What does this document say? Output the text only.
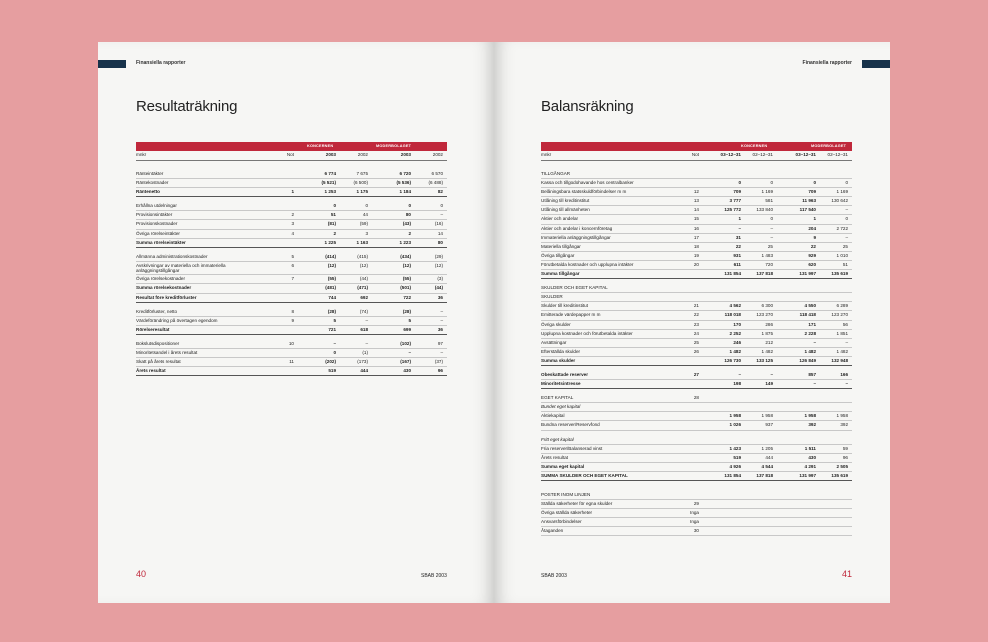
Finansiella rapporter
Resultaträkning
KONCERNEN	MODERBOLAGET
mnkr	Not	2003	2002	2003	2002
Ränteintäkter	6 774	7 675	6 720	6 570
Räntekostnader	(5 521)	(6 500)	(5 536)	(6 488)
Räntenetto	1	1 253	1 175	1 184	82
Erhållna utdelningar	0	0	0	0
Provisionsintäkter	2	51	44	80	–
Provisionskostnader	3	(81)	(59)	(43)	(16)
Övriga rörelseintäkter	4	2	3	2	14
Summa rörelseintäkter	1 225	1 163	1 223	80
Allmänna administrationskostnader	5	(414)	(415)	(434)	(29)
Avskrivningar av materiella och immateriella anläggningstillgångar
6	(12)	(12)	(12)	(12)
Övriga rörelsekostnader	7	(55)	(44)	(55)	(3)
Summa rörelsekostnader	(481)	(471)	(501)	(44)
Resultat före kreditförluster	744	692	722	36
Kreditförluster, netto	8	(28)	(74)	(28)	–
Värdeförändring på övertagen egendom	9	5	–	5	–
Rörelseresultat	721	618	699	36
Bokslutsdispositioner	10	–	–	(102)	97
Minoritetsandel i årets resultat	0	(1)	–	–
Skatt på årets resultat	11	(202)	(173)	(167)	(37)
Årets resultat	519	444	430	96
40	SBAB 2003
Finansiella rapporter
Balansräkning
KONCERNEN	MODERBOLAGET
mnkr	Not	03–12–31	02–12–31	03–12–31	02–12–31
TILLGÅNGAR
Kassa och tillgodohavande hos centralbanker	0	0	0	0
Belåningsbara statsskuldförbindelser m m	12	709	1 169	709	1 169
Utlåning till kreditinstitut	13	3 777	581	11 963	130 642
Utlåning till allmänheten	14	125 772	133 840	117 540	–
Aktier och andelar	15	1	0	1	0
Aktier och andelar i koncernföretag	16	–	–	204	2 722
Immateriella anläggningstillgångar	17	31	–	9	–
Materiella tillgångar	18	22	25	22	25
Övriga tillgångar	19	931	1 483	929	1 010
Förutbetalda kostnader och upplupna intäkter	20	611	720	620	51
Summa tillgångar	131 854	137 818	131 997	135 619
SKULDER OCH EGET KAPITAL
SKULDER
Skulder till kreditinstitut	21	4 562	6 300	4 550	6 289
Emitterade värdepapper m m	22	118 018	123 270	118 418	123 270
Övriga skulder	23	170	286	171	56
Upplupna kostnader och förutbetalda intäkter	24	2 252	1 875	2 228	1 851
Avsättningar	25	246	212	–	–
Efterställda skulder	26	1 482	1 482	1 482	1 482
Summa skulder	126 730	133 125	126 849	132 948
Obeskattade reserver	27	–	–	857	166
Minoritetsintresse	198	149	–	–
EGET KAPITAL	28
Bundet eget kapital
Aktiekapital	1 958	1 958	1 958	1 958
Bundna reserver/Reservfond	1 026	937	392	392
Fritt eget kapital
Fria reserver/Balanserad vinst	1 423	1 205	1 511	59
Årets resultat	519	444	430	96
Summa eget kapital	4 926	4 544	4 291	2 505
SUMMA SKULDER OCH EGET KAPITAL	131 854	137 818	131 997	135 619
POSTER INOM LINJEN
Ställda säkerheter för egna skulder	29
Övriga ställda säkerheter	Inga
Ansvarsförbindelser	Inga
Åtaganden	30
41
SBAB 2003
